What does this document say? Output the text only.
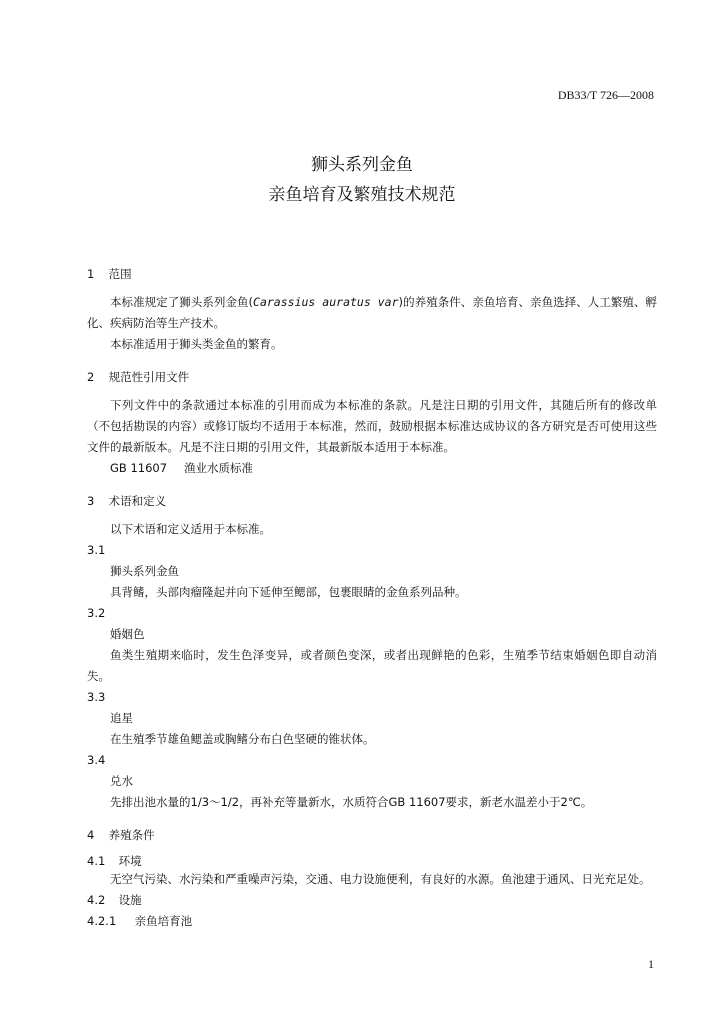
DB33/T 726—2008
狮头系列金鱼
亲鱼培育及繁殖技术规范
1 范围

本标准规定了狮头系列金鱼(Carassius auratus var)的养殖条件、亲鱼培育、亲鱼选择、人工繁殖、孵化、疾病防治等生产技术。

本标准适用于狮头类金鱼的繁育。

2 规范性引用文件

下列文件中的条款通过本标准的引用而成为本标准的条款。凡是注日期的引用文件，其随后所有的修改单（不包括勘误的内容）或修订版均不适用于本标准，然而，鼓励根据本标准达成协议的各方研究是否可使用这些文件的最新版本。凡是不注日期的引用文件，其最新版本适用于本标准。

GB 11607 渔业水质标准

3 术语和定义

以下术语和定义适用于本标准。

3.1

狮头系列金鱼

具背鳍，头部肉瘤隆起并向下延伸至鳃部，包裹眼睛的金鱼系列品种。

3.2

婚姻色

鱼类生殖期来临时，发生色泽变异，或者颜色变深，或者出现鲜艳的色彩，生殖季节结束婚姻色即自动消失。

3.3

追星

在生殖季节雄鱼鳃盖或胸鳍分布白色坚硬的锥状体。

3.4

兑水

先排出池水量的1/3～1/2，再补充等量新水，水质符合GB 11607要求，新老水温差小于2℃。

4 养殖条件
4.1 环境

无空气污染、水污染和严重噪声污染，交通、电力设施便利，有良好的水源。鱼池建于通风、日光充足处。

4.2 设施
4.2.1 亲鱼培育池
1
